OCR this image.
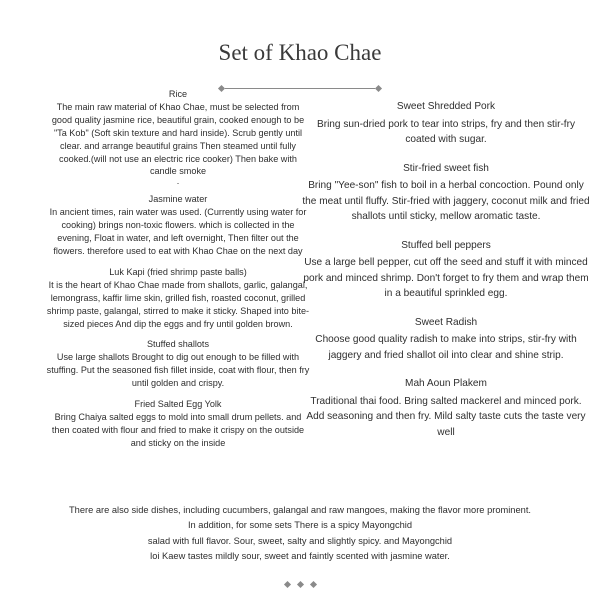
Set of Khao Chae

Rice

The main raw material of Khao Chae, must be selected from good quality jasmine rice, beautiful grain, cooked enough to be "Ta Kob" (Soft skin texture and hard inside). Scrub gently until clear. and arrange beautiful grains Then steamed until fully cooked.(will not use an electric rice cooker) Then bake with candle smoke

.

Jasmine water

In ancient times, rain water was used. (Currently using water for cooking) brings non-toxic flowers. which is collected in the evening, Float in water, and left overnight, Then filter out the flowers. therefore used to eat with Khao Chae on the next day

Luk Kapi (fried shrimp paste balls)

It is the heart of Khao Chae made from shallots, garlic, galangal, lemongrass, kaffir lime skin, grilled fish, roasted coconut, grilled shrimp paste, galangal, stirred to make it sticky. Shaped into bite-sized pieces And dip the eggs and fry until golden brown.

Stuffed shallots

Use large shallots Brought to dig out enough to be filled with stuffing. Put the seasoned fish fillet inside, coat with flour, then fry until golden and crispy.

Fried Salted Egg Yolk

Bring Chaiya salted eggs to mold into small drum pellets. and then coated with flour and fried to make it crispy on the outside and sticky on the inside

Sweet Shredded Pork

Bring sun-dried pork to tear into strips, fry and then stir-fry coated with sugar.

Stir-fried sweet fish

Bring "Yee-son" fish to boil in a herbal concoction. Pound only the meat until fluffy. Stir-fried with jaggery, coconut milk and fried shallots until sticky, mellow aromatic taste.

Stuffed bell peppers

Use a large bell pepper, cut off the seed and stuff it with minced pork and minced shrimp. Don't forget to fry them and wrap them in a beautiful sprinkled egg.

Sweet Radish

Choose good quality radish to make into strips, stir-fry with jaggery and fried shallot oil into clear and shine strip.

Mah Aoun Plakem

Traditional thai food. Bring salted mackerel and minced pork. Add seasoning and then fry. Mild salty taste cuts the taste very well

There are also side dishes, including cucumbers, galangal and raw mangoes, making the flavor more prominent.

In addition, for some sets There is a spicy Mayongchid

salad with full flavor. Sour, sweet, salty and slightly spicy. and Mayongchid

loi Kaew tastes mildly sour, sweet and faintly scented with jasmine water.
